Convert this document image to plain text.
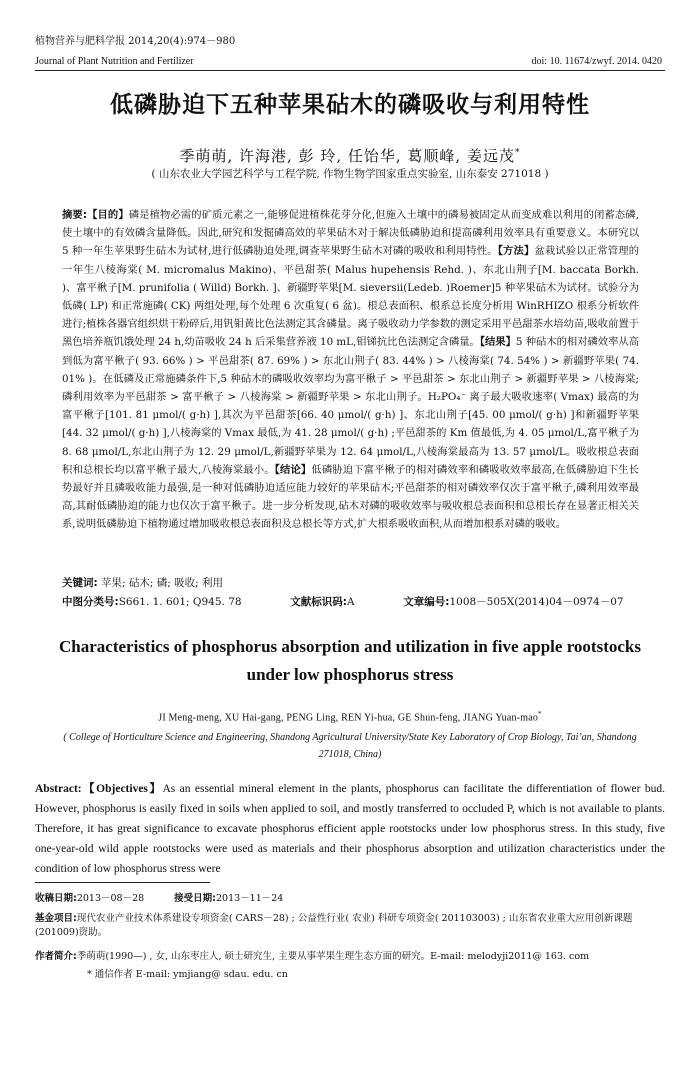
植物营养与肥料学报 2014,20(4):974－980
Journal of Plant Nutrition and Fertilizer	doi: 10. 11674/zwyf. 2014. 0420
低磷胁迫下五种苹果砧木的磷吸收与利用特性
季萌萌, 许海港, 彭 玲, 任饴华, 葛顺峰, 姜远茂*
( 山东农业大学园艺科学与工程学院, 作物生物学国家重点实验室, 山东泰安 271018 )
摘要:【目的】磷是植物必需的矿质元素之一,能够促进植株花芽分化,但施入土壤中的磷易被固定从而变成难以利用的闭蓄态磷,使土壤中的有效磷含量降低。因此,研究和发掘磷高效的苹果砧木对于解决低磷胁迫和提高磷利用效率具有重要意义。本研究以 5 种一年生苹果野生砧木为试材,进行低磷胁迫处理,调查苹果野生砧木对磷的吸收和利用特性。【方法】盆栽试验以正常管理的一年生八棱海棠( M. micromalus Makino)、平邑甜茶( Malus hupehensis Rehd. )、东北山荆子[M. baccata Borkh. )、富平楸子[M. prunifolia ( Willd) Borkh. ]、新疆野苹果[M. sieversii(Ledeb. )Roemer]5 种苹果砧木为试材。试验分为低磷( LP) 和正常施磷( CK) 两组处理,每个处理 6 次重复( 6 盆)。根总表面积、根系总长度分析用 WinRHIZO 根系分析软件进行;植株各器官组织烘干粉碎后,用钒钼黄比色法测定其含磷量。离子吸收动力学参数的测定采用平邑甜茶水培幼苗,吸收前置于黑色培养瓶饥饿处理 24 h,幼苗吸收 24 h 后采集营养液 10 mL,钼锑抗比色法测定含磷量。【结果】5 种砧木的相对磷效率从高到低为富平楸子( 93. 66% ) > 平邑甜茶( 87. 69% ) > 东北山荆子( 83. 44% ) > 八棱海棠( 74. 54% ) > 新疆野苹果( 74. 01% )。在低磷及正常施磷条件下,5 种砧木的磷吸收效率均为富平楸子 > 平邑甜茶 > 东北山荆子 > 新疆野苹果 > 八棱海棠;磷利用效率为平邑甜茶 > 富平楸子 > 八棱海棠 > 新疆野苹果 > 东北山荆子。H₂PO₄⁻ 离子最大吸收速率( Vmax) 最高的为富平楸子[101. 81 μmol/( g·h) ],其次为平邑甜茶[66. 40 μmol/( g·h) ]、东北山荆子[45. 00 μmol/( g·h) ]和新疆野苹果[44. 32 μmol/( g·h) ],八棱海棠的 Vmax 最低,为 41. 28 μmol/( g·h) ;平邑甜茶的 Km 值最低,为 4. 05 μmol/L,富平楸子为 8. 68 μmol/L,东北山荆子为 12. 29 μmol/L,新疆野苹果为 12. 64 μmol/L,八棱海棠最高为 13. 57 μmol/L。吸收根总表面积和总根长均以富平楸子最大,八棱海棠最小。【结论】低磷胁迫下富平楸子的相对磷效率和磷吸收效率最高,在低磷胁迫下生长势最好并且磷吸收能力最强,是一种对低磷胁迫适应能力较好的苹果砧木;平邑甜茶的相对磷效率仅次于富平楸子,磷利用效率最高,其耐低磷胁迫的能力也仅次于富平楸子。进一步分析发现,砧木对磷的吸收效率与吸收根总表面积和总根长存在显著正相关关系,说明低磷胁迫下植物通过增加吸收根总表面积及总根长等方式,扩大根系吸收面积,从而增加根系对磷的吸收。
关键词: 苹果; 砧木; 磷; 吸收; 利用
中图分类号:S661. 1. 601; Q945. 78	文献标识码:A	文章编号:1008－505X(2014)04－0974－07
Characteristics of phosphorus absorption and utilization in five apple rootstocks under low phosphorus stress
JI Meng-meng, XU Hai-gang, PENG Ling, REN Yi-hua, GE Shun-feng, JIANG Yuan-mao*
( College of Horticulture Science and Engineering, Shandong Agricultural University/State Key Laboratory of Crop Biology, Tai’an, Shandong 271018, China)
Abstract:【Objectives】As an essential mineral element in the plants, phosphorus can facilitate the differentiation of flower bud. However, phosphorus is easily fixed in soils when applied to soil, and mostly transferred to occluded P, which is not available to plants. Therefore, it has great significance to excavate phosphorus efficient apple rootstocks under low phosphorus stress. In this study, five one-year-old wild apple rootstocks were used as materials and their phosphorus absorption and utilization characteristics under the condition of low phosphorus stress were
收稿日期:2013－08－28	接受日期:2013－11－24
基金项目:现代农业产业技术体系建设专项资金( CARS－28) ; 公益性行业( 农业) 科研专项资金( 201103003) ; 山东省农业重大应用创新课题(201009)资助。
作者简介:季萌萌(1990—) , 女, 山东枣庄人, 硕士研究生, 主要从事苹果生理生态方面的研究。E-mail: melodyji2011@ 163. com
* 通信作者 E-mail: ymjiang@ sdau. edu. cn
